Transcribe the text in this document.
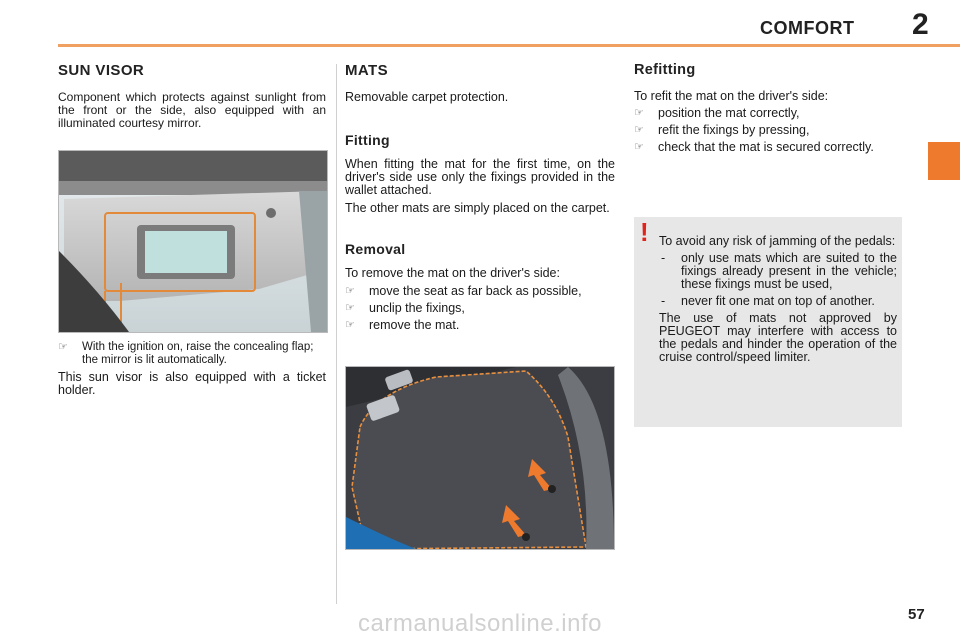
COMFORT 2
SUN VISOR

Component which protects against sunlight from the front or the side, also equipped with an illuminated courtesy mirror.

☞ With the ignition on, raise the concealing flap; the mirror is lit automatically.

This sun visor is also equipped with a ticket holder.

MATS

Removable carpet protection.

Fitting

When fitting the mat for the first time, on the driver's side use only the fixings provided in the wallet attached.

The other mats are simply placed on the carpet.

Removal

To remove the mat on the driver's side:

☞ move the seat as far back as possible,
☞ unclip the fixings,
☞ remove the mat.
Refitting

To refit the mat on the driver's side:

☞ position the mat correctly,
☞ refit the fixings by pressing,
☞ check that the mat is secured correctly.
! To avoid any risk of jamming of the pedals:

- only use mats which are suited to the fixings already present in the vehicle; these fixings must be used,
- never fit one mat on top of another.

The use of mats not approved by PEUGEOT may interfere with access to the pedals and hinder the operation of the cruise control/speed limiter.

57
carmanualsonline.info
